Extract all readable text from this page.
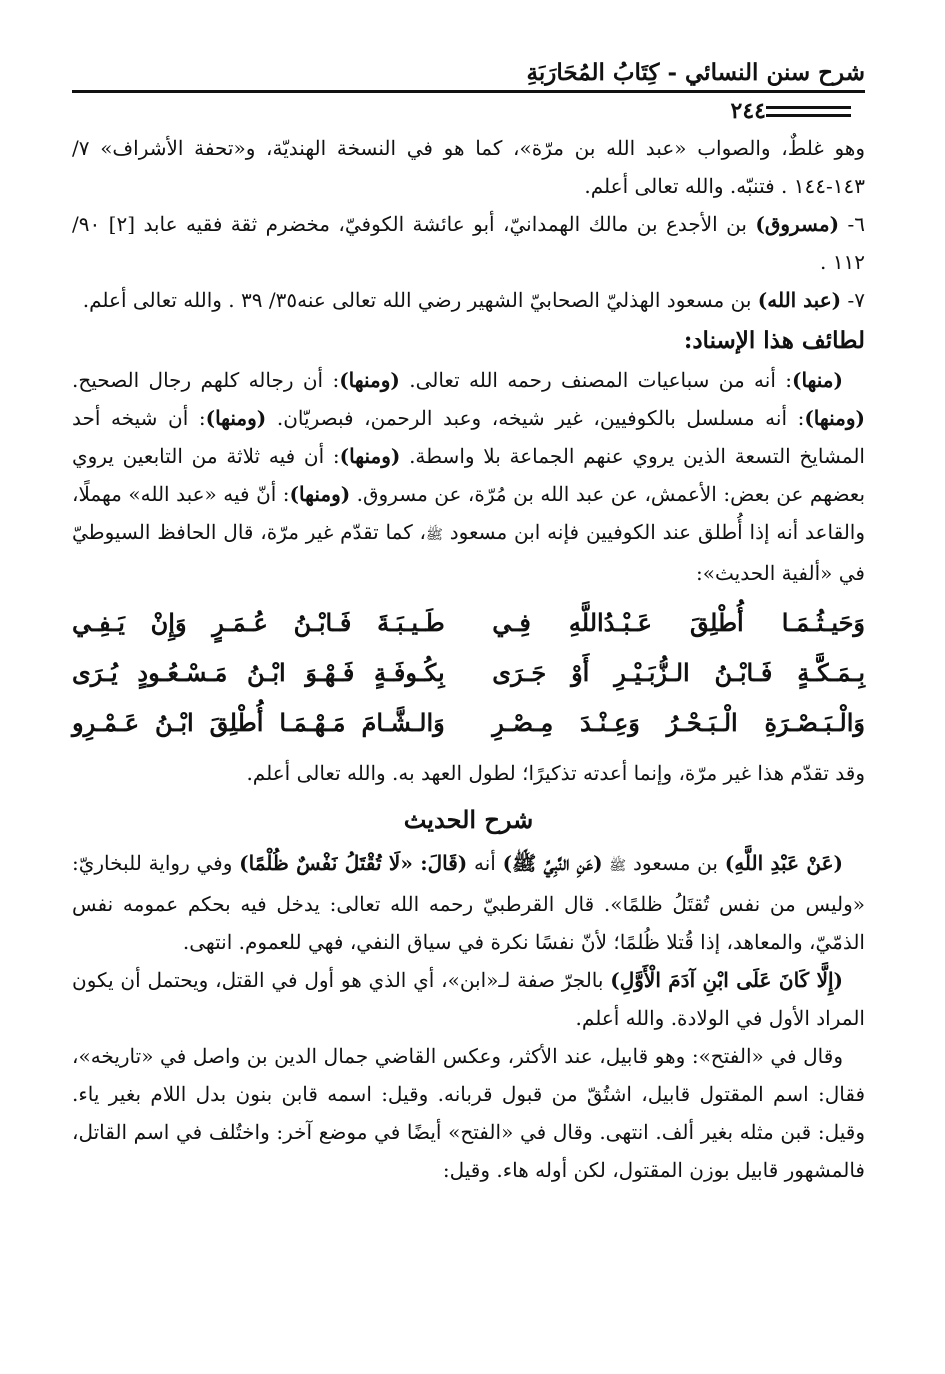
شرح سنن النسائي - كِتَابُ المُحَارَبَةِ
٢٤٤

وهو غلطٌ، والصواب «عبد الله بن مرّة»، كما هو في النسخة الهنديّة، و«تحفة الأشراف» ٧/ ١٤٣-١٤٤ . فتنبّه. والله تعالى أعلم.

٦- (مسروق) بن الأجدع بن مالك الهمدانيّ، أبو عائشة الكوفيّ، مخضرم ثقة فقيه عابد [٢] ٩٠/ ١١٢ .

٧- (عبد الله) بن مسعود الهذليّ الصحابيّ الشهير رضي الله تعالى عنه٣٥/ ٣٩ . والله تعالى أعلم.

لطائف هذا الإسناد:

(منها): أنه من سباعيات المصنف رحمه الله تعالى. (ومنها): أن رجاله كلهم رجال الصحيح. (ومنها): أنه مسلسل بالكوفيين، غير شيخه، وعبد الرحمن، فبصريّان. (ومنها): أن شيخه أحد المشايخ التسعة الذين يروي عنهم الجماعة بلا واسطة. (ومنها): أن فيه ثلاثة من التابعين يروي بعضهم عن بعض: الأعمش، عن عبد الله بن مُرّة، عن مسروق. (ومنها): أنّ فيه «عبد الله» مهملًا، والقاعد أنه إذا أُطلق عند الكوفيين فإنه ابن مسعود ﷺ، كما تقدّم غير مرّة، قال الحافظ السيوطيّ في «ألفية الحديث»:

وَحَيـثُـمَـا أُطْلِقَ عَـبْـدُاللَّهِ فِـي
طَـيـبَـةَ فَـابْـنُ عُـمَـرٍ وَإِنْ يَـفِـي
بِـمَـكَّـةٍ فَـابْـنُ الـزُّبَـيْـرِ أَوْ جَـرَى
بِكُـوفَـةٍ فَـهْـوَ ابْـنُ مَـسْـعُـودٍ يُـرَى
وَالْـبَـصْـرَةِ الْـبَـحْـرُ وَعِـنْـدَ مِـصْـرِ
وَالـشَّـامَ مَـهْـمَـا أُطْلِقَ ابْـنُ عَـمْـرِو

وقد تقدّم هذا غير مرّة، وإنما أعدته تذكيرًا؛ لطول العهد به. والله تعالى أعلم.

شرح الحديث

(عَنْ عَبْدِ اللَّهِ) بن مسعود ﷺ (عَنِ النَّبِيِّ ﷺ) أنه (قَالَ: «لَا تُقْتَلُ نَفْسٌ ظُلْمًا) وفي رواية للبخاريّ: «وليس من نفس تُقتَلُ ظلمًا». قال القرطبيّ رحمه الله تعالى: يدخل فيه بحكم عمومه نفس الذمّيّ، والمعاهد، إذا قُتلا ظُلمًا؛ لأنّ نفسًا نكرة في سياق النفي، فهي للعموم. انتهى.

(إِلَّا كَانَ عَلَى ابْنِ آدَمَ الْأَوَّلِ) بالجرّ صفة لـ«ابن»، أي الذي هو أول في القتل، ويحتمل أن يكون المراد الأول في الولادة. والله أعلم.

وقال في «الفتح»: وهو قابيل، عند الأكثر، وعكس القاضي جمال الدين بن واصل في «تاريخه»، فقال: اسم المقتول قابيل، اشتُقّ من قبول قربانه. وقيل: اسمه قابن بنون بدل اللام بغير ياء. وقيل: قبن مثله بغير ألف. انتهى. وقال في «الفتح» أيضًا في موضع آخر: واختُلف في اسم القاتل، فالمشهور قابيل بوزن المقتول، لكن أوله هاء. وقيل:
